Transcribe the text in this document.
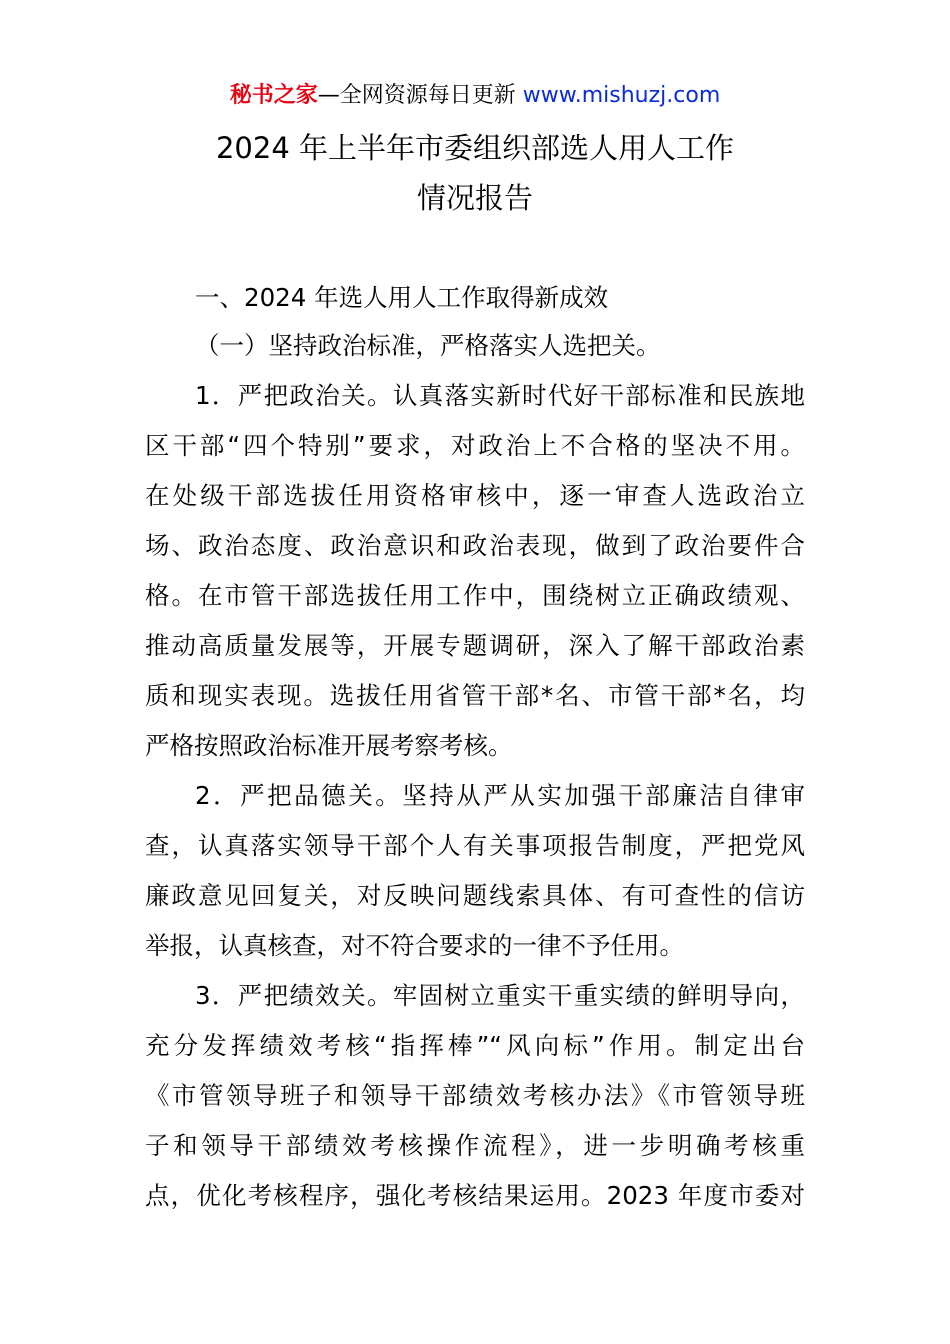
秘书之家—全网资源每日更新 www.mishuzj.com
2024 年上半年市委组织部选人用人工作
情况报告
一、2024 年选人用人工作取得新成效
（一）坚持政治标准，严格落实人选把关。
1．严把政治关。认真落实新时代好干部标准和民族地
区干部“四个特别”要求，对政治上不合格的坚决不用。
在处级干部选拔任用资格审核中，逐一审查人选政治立
场、政治态度、政治意识和政治表现，做到了政治要件合
格。在市管干部选拔任用工作中，围绕树立正确政绩观、
推动高质量发展等，开展专题调研，深入了解干部政治素
质和现实表现。选拔任用省管干部*名、市管干部*名，均
严格按照政治标准开展考察考核。
2．严把品德关。坚持从严从实加强干部廉洁自律审
查，认真落实领导干部个人有关事项报告制度，严把党风
廉政意见回复关，对反映问题线索具体、有可查性的信访
举报，认真核查，对不符合要求的一律不予任用。
3．严把绩效关。牢固树立重实干重实绩的鲜明导向，
充分发挥绩效考核“指挥棒”“风向标”作用。制定出台
《市管领导班子和领导干部绩效考核办法》《市管领导班
子和领导干部绩效考核操作流程》，进一步明确考核重
点，优化考核程序，强化考核结果运用。2023 年度市委对
